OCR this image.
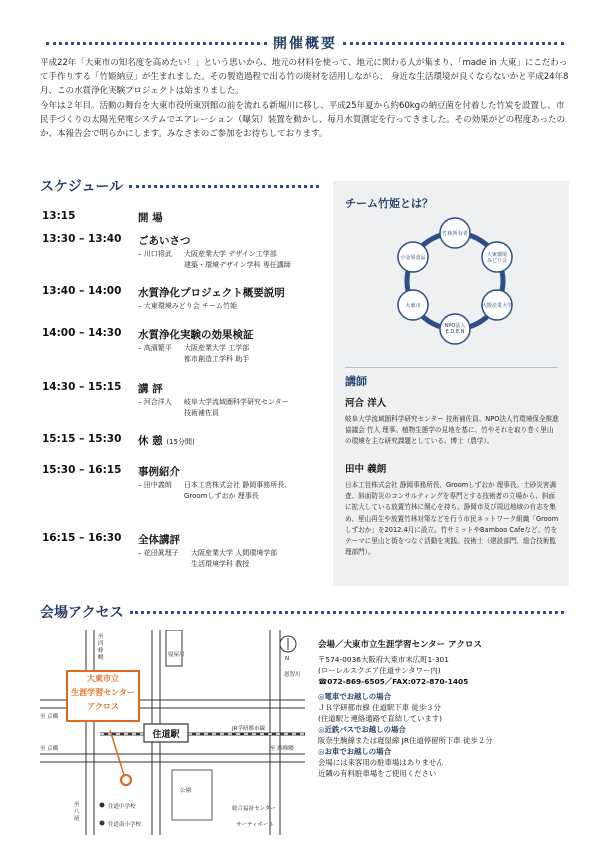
開催概要

平成22年「大東市の知名度を高めたい！」という思いから、地元の材料を使って、地元に関わる人が集まり、「made in 大東」にこだわって手作りする「竹姫納豆」が生まれました。その製造過程で出る竹の廃材を活用しながら、 身近な生活環境が良くならないかと平成24年8月、この水質浄化実験プロジェクトは始まりました。

今年は２年目。活動の舞台を大東市役所東別館の前を流れる新堀川に移し、平成25年夏から約60kgの納豆菌を付着した竹炭を設置し、市民手づくりの太陽光発電システムでエアレーション（曝気）装置を動かし、毎月水質測定を行ってきました。その効果がどの程度あったのか、本報告会で明らかにします。みなさまのご参加をお待ちしております。

スケジュール
13:15	開 場
13:30 – 13:40 ごあいさつ
– 川口将武 大阪産業大学 デザイン工学部
建築・環境デザイン学科 専任講師
13:40 – 14:00 水質浄化プロジェクト概要説明
– 大東環境みどり会 チーム竹姫
14:00 – 14:30 水質浄化実験の効果検証
– 高濱繁平 大阪産業大学 工学部
都市創造工学科 助手
14:30 – 15:15 講 評
– 河合洋人 岐阜大学流域圏科学研究センター
技術補佐員
15:15 – 15:30 休 憩 (15分間)
15:30 – 16:15 事例紹介
– 田中義朗 日本工営株式会社 静岡事務所長、
Groomしずおか 理事長
16:15 – 16:30 全体講評
– 花田眞理子 大阪産業大学 人間環境学部
生活環境学科 教授
チーム竹姫とは？
竹林所有者
大東環境
みどり会
大阪産業大学
NPO法人
E.D.E.N
大東市
小金屋食品
講師
河合 洋人
岐阜大学流域圏科学研究センター 技術補佐員、NPO法人竹環境保全推進協議会 竹人 理事。植物生態学の見地を基に、竹やそれを取り巻く里山の環境を主な研究課題としている。博士（農学）。
田中 義朗
日本工営株式会社 静岡事務所長、Groomしずおか 理事長。土砂災害調査、斜面防災のコンサルティングを専門とする技術者の立場から、斜面に拡大している放置竹林に関心を持ち、静岡市及び周辺地域の有志を集め、里山再生や放置竹林対策などを行う市民ネットワーク組織「Groomしずおか」を2012.4月に設立。竹サミットやBamboo Cafeなど、竹をテーマに里山と街をつなぐ活動を実践。技術士（建設部門、総合技術監理部門）。
会場アクセス
大東市立
生涯学習センター
アクロス
住道駅
寝屋川
恩智川
JR学研都市線
公園
住道中学校
住道南小学校
総合福祉センター
サーティホール
N
至 四條畷
至 京橋
至 京橋
至 八尾
至 四條畷
会場／大東市立生涯学習センター アクロス
〒574-0036大阪府大東市末広町1-301
(ローレルスクエア住道サンタワー内)
☎072-869-6505／FAX:072-870-1405
◎電車でお越しの場合
ＪＲ学研都市線 住道駅下車 徒歩３分
(住道駅と連絡通路で直結しています)
◎近鉄バスでお越しの場合
阪奈生駒線または寝屋線 JR住道停留所下車 徒歩２分
◎お車でお越しの場合
会場には来客用の駐車場はありません
近隣の有料駐車場をご使用ください
